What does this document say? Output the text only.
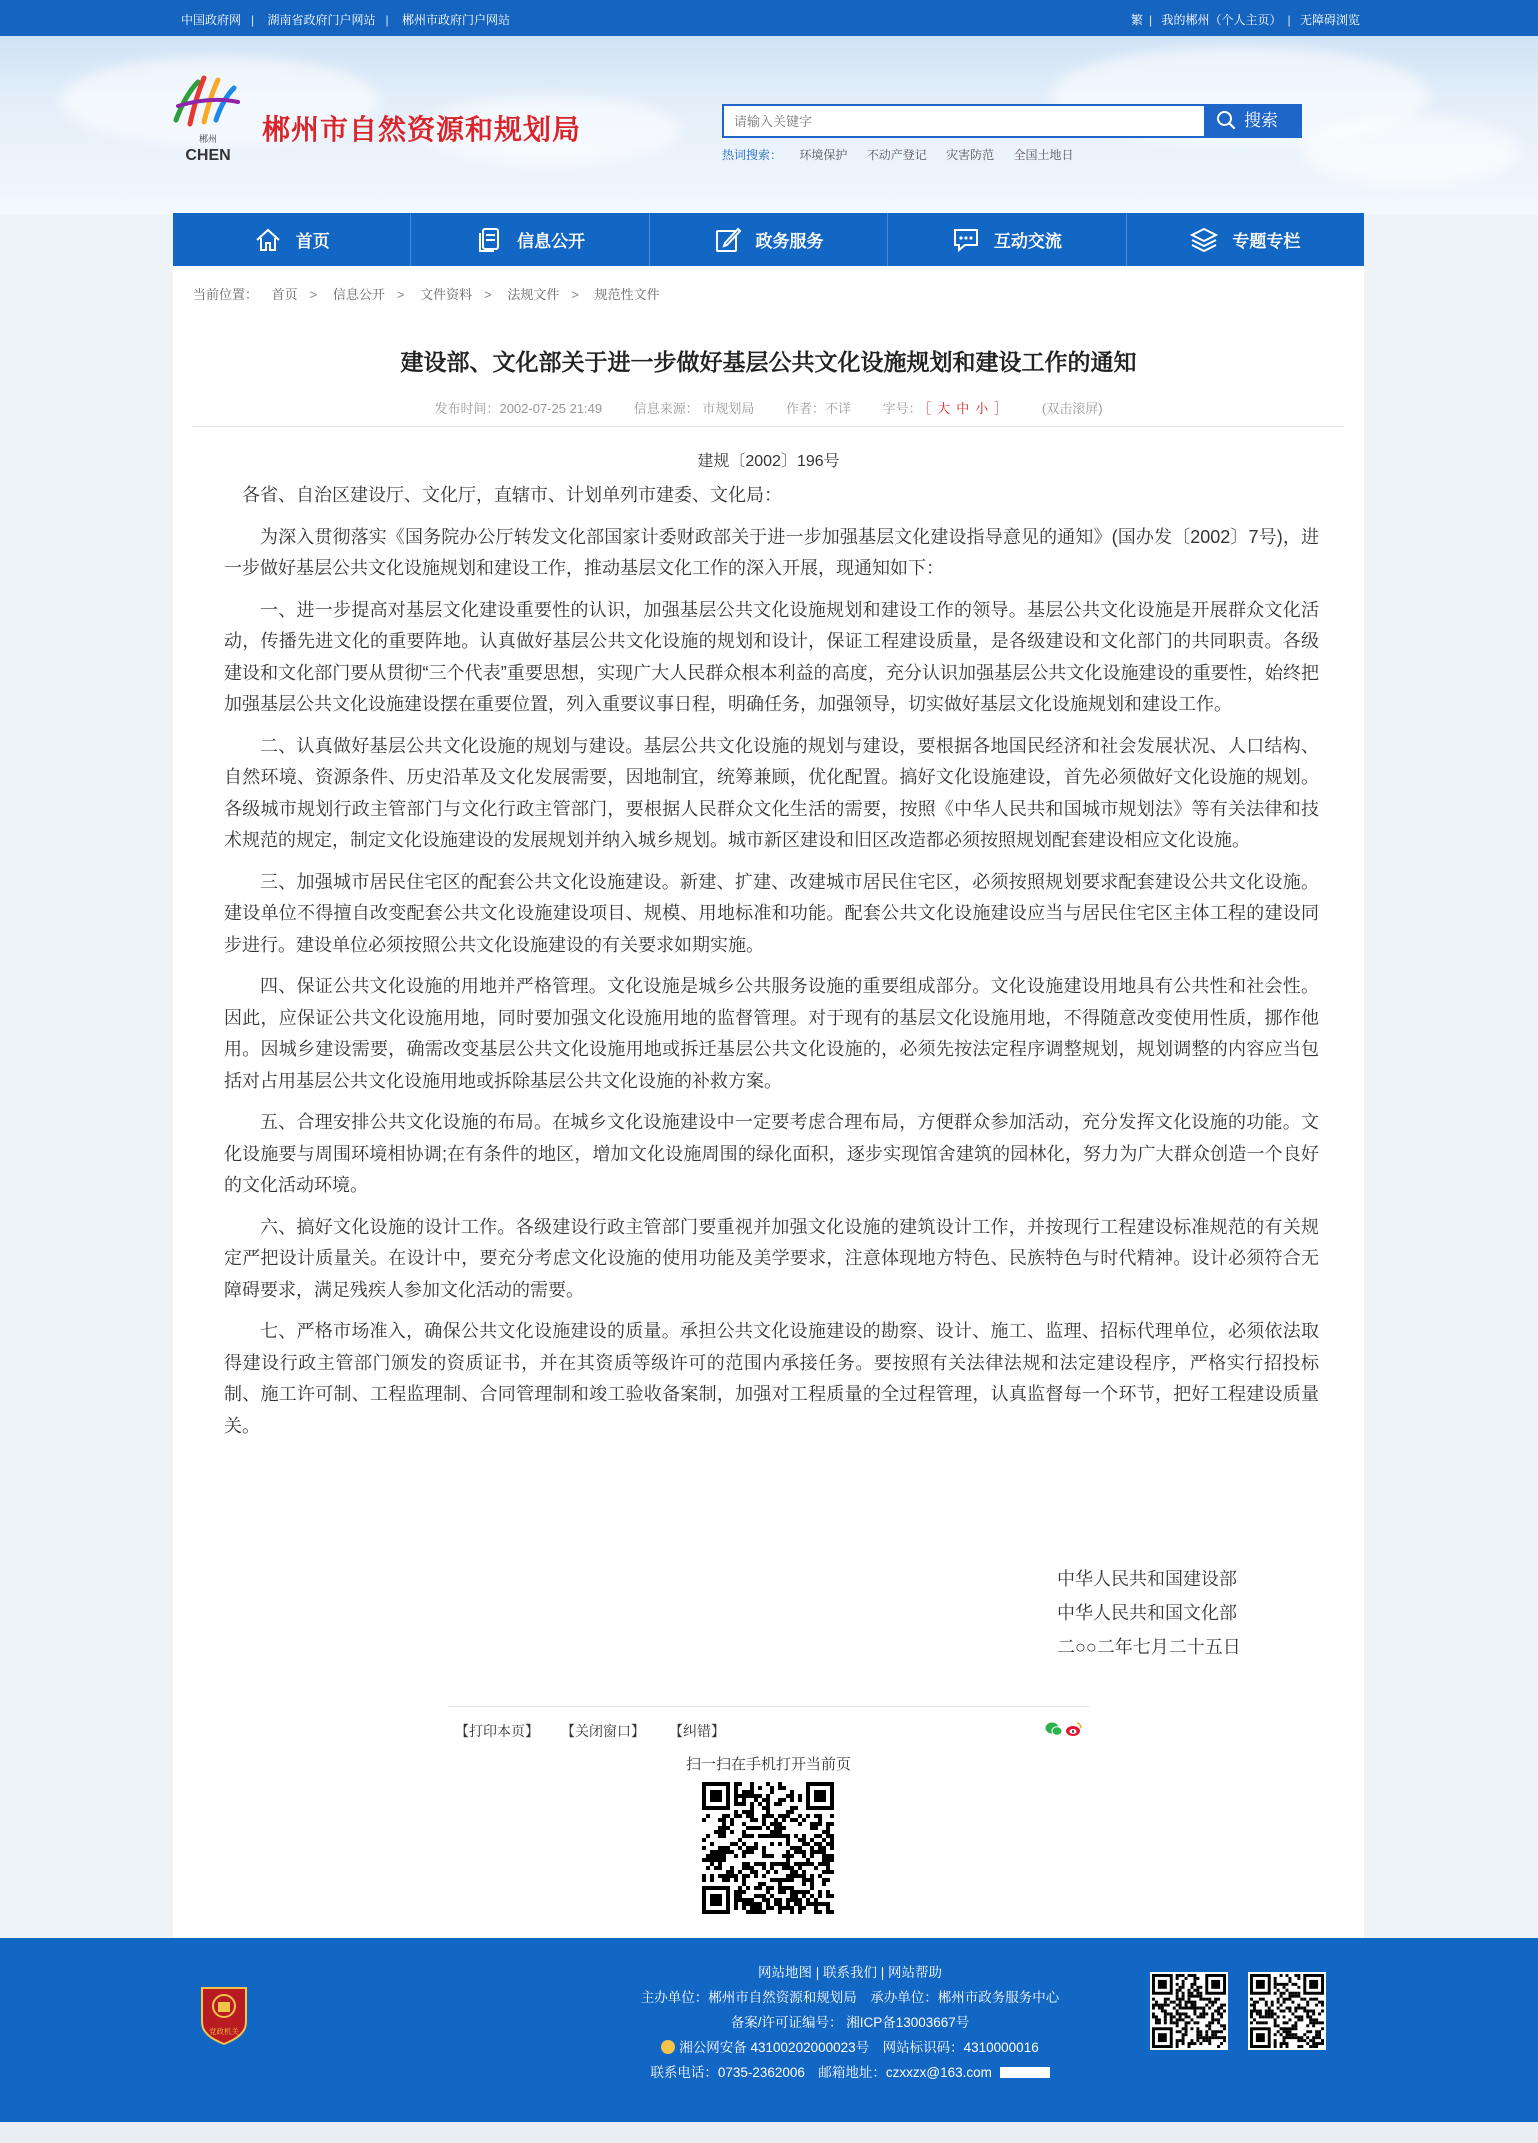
中国政府网 | 湖南省政府门户网站 | 郴州市政府门户网站	繁 | 我的郴州（个人主页） | 无障碍浏览
郴州
CHEN
郴州市自然资源和规划局
请输入关键字	搜索
热词搜索： 环境保护 不动产登记 灾害防范 全国土地日
首页	信息公开	政务服务	互动交流	专题专栏
当前位置： 首页 > 信息公开 > 文件资料 > 法规文件 > 规范性文件
建设部、文化部关于进一步做好基层公共文化设施规划和建设工作的通知
发布时间：2002-07-25 21:49 信息来源： 市规划局 作者：不详 字号： ［ 大 中 小 ］	(双击滚屏)
建规〔2002〕196号

各省、自治区建设厅、文化厅，直辖市、计划单列市建委、文化局：

为深入贯彻落实《国务院办公厅转发文化部国家计委财政部关于进一步加强基层文化建设指导意见的通知》(国办发〔2002〕7号)，进一步做好基层公共文化设施规划和建设工作，推动基层文化工作的深入开展，现通知如下：

一、进一步提高对基层文化建设重要性的认识，加强基层公共文化设施规划和建设工作的领导。基层公共文化设施是开展群众文化活动，传播先进文化的重要阵地。认真做好基层公共文化设施的规划和设计，保证工程建设质量，是各级建设和文化部门的共同职责。各级建设和文化部门要从贯彻“三个代表”重要思想，实现广大人民群众根本利益的高度，充分认识加强基层公共文化设施建设的重要性，始终把加强基层公共文化设施建设摆在重要位置，列入重要议事日程，明确任务，加强领导，切实做好基层文化设施规划和建设工作。

二、认真做好基层公共文化设施的规划与建设。基层公共文化设施的规划与建设，要根据各地国民经济和社会发展状况、人口结构、自然环境、资源条件、历史沿革及文化发展需要，因地制宜，统筹兼顾，优化配置。搞好文化设施建设，首先必须做好文化设施的规划。各级城市规划行政主管部门与文化行政主管部门，要根据人民群众文化生活的需要，按照《中华人民共和国城市规划法》等有关法律和技术规范的规定，制定文化设施建设的发展规划并纳入城乡规划。城市新区建设和旧区改造都必须按照规划配套建设相应文化设施。

三、加强城市居民住宅区的配套公共文化设施建设。新建、扩建、改建城市居民住宅区，必须按照规划要求配套建设公共文化设施。建设单位不得擅自改变配套公共文化设施建设项目、规模、用地标准和功能。配套公共文化设施建设应当与居民住宅区主体工程的建设同步进行。建设单位必须按照公共文化设施建设的有关要求如期实施。

四、保证公共文化设施的用地并严格管理。文化设施是城乡公共服务设施的重要组成部分。文化设施建设用地具有公共性和社会性。因此，应保证公共文化设施用地，同时要加强文化设施用地的监督管理。对于现有的基层文化设施用地，不得随意改变使用性质，挪作他用。因城乡建设需要，确需改变基层公共文化设施用地或拆迁基层公共文化设施的，必须先按法定程序调整规划，规划调整的内容应当包括对占用基层公共文化设施用地或拆除基层公共文化设施的补救方案。

五、合理安排公共文化设施的布局。在城乡文化设施建设中一定要考虑合理布局，方便群众参加活动，充分发挥文化设施的功能。文化设施要与周围环境相协调;在有条件的地区，增加文化设施周围的绿化面积，逐步实现馆舍建筑的园林化，努力为广大群众创造一个良好的文化活动环境。

六、搞好文化设施的设计工作。各级建设行政主管部门要重视并加强文化设施的建筑设计工作，并按现行工程建设标准规范的有关规定严把设计质量关。在设计中，要充分考虑文化设施的使用功能及美学要求，注意体现地方特色、民族特色与时代精神。设计必须符合无障碍要求，满足残疾人参加文化活动的需要。

七、严格市场准入，确保公共文化设施建设的质量。承担公共文化设施建设的勘察、设计、施工、监理、招标代理单位，必须依法取得建设行政主管部门颁发的资质证书，并在其资质等级许可的范围内承接任务。要按照有关法律法规和法定建设程序，严格实行招投标制、施工许可制、工程监理制、合同管理制和竣工验收备案制，加强对工程质量的全过程管理，认真监督每一个环节，把好工程建设质量关。

中华人民共和国建设部
中华人民共和国文化部
二○○二年七月二十五日
【打印本页】 【关闭窗口】 【纠错】
扫一扫在手机打开当前页
党政机关
网站地图 | 联系我们 | 网站帮助
主办单位：郴州市自然资源和规划局　承办单位：郴州市政务服务中心
备案/许可证编号： 湘ICP备13003667号
湘公网安备 43100202000023号　网站标识码：4310000016
联系电话：0735-2362006　邮箱地址：czxxzx@163.com
